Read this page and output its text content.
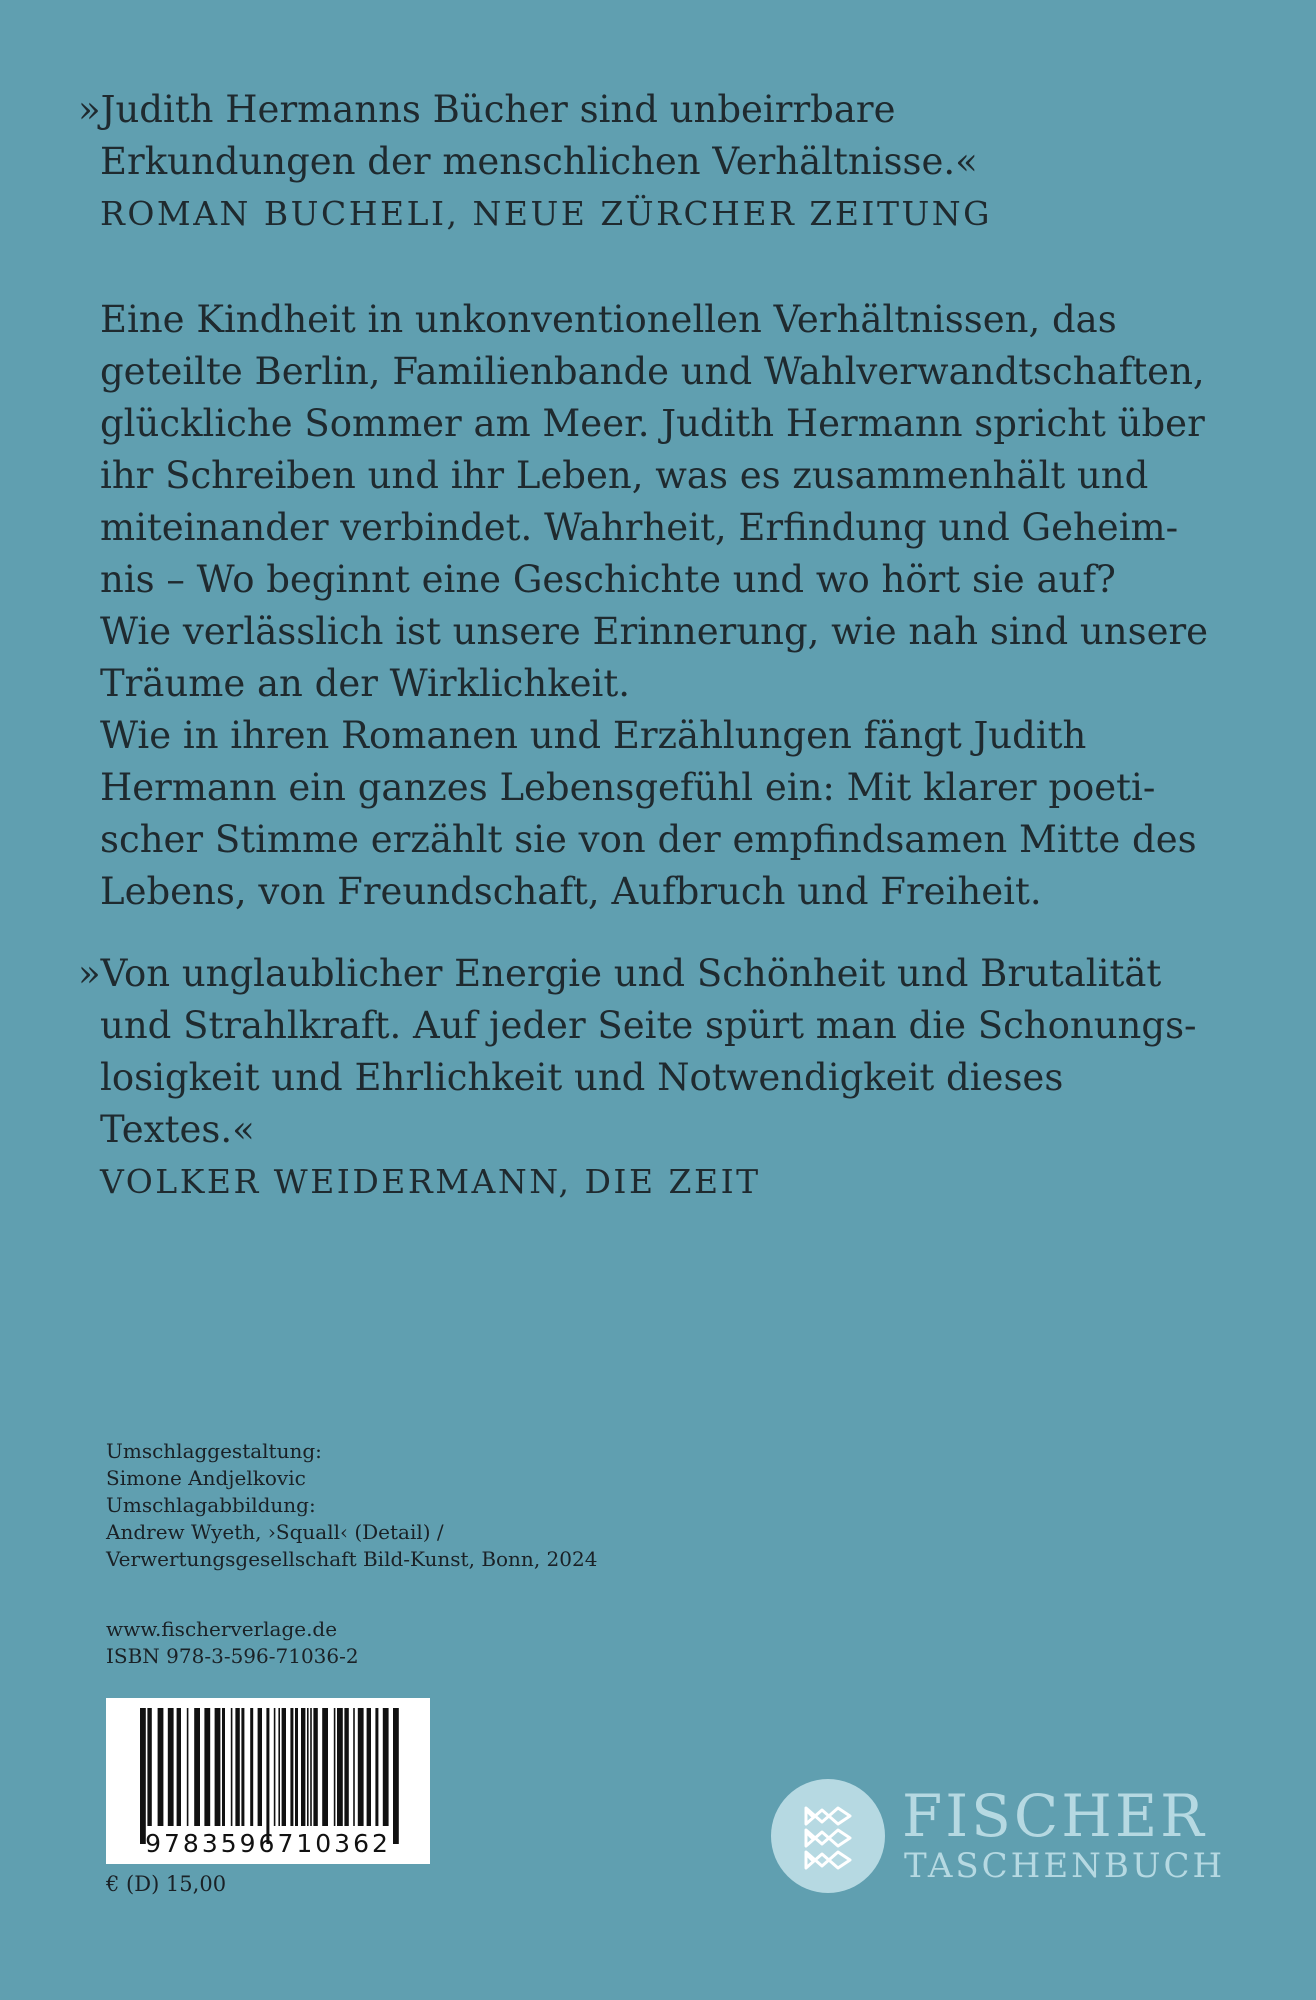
»Judith Hermanns Bücher sind unbeirrbare

Erkundungen der menschlichen Verhältnisse.«

ROMAN BUCHELI, NEUE ZÜRCHER ZEITUNG

Eine Kindheit in unkonventionellen Verhältnissen, das

geteilte Berlin, Familienbande und Wahlverwandtschaften,

glückliche Sommer am Meer. Judith Hermann spricht über

ihr Schreiben und ihr Leben, was es zusammenhält und

miteinander verbindet. Wahrheit, Erfindung und Geheim-

nis – Wo beginnt eine Geschichte und wo hört sie auf?

Wie verlässlich ist unsere Erinnerung, wie nah sind unsere

Träume an der Wirklichkeit.

Wie in ihren Romanen und Erzählungen fängt Judith

Hermann ein ganzes Lebensgefühl ein: Mit klarer poeti-

scher Stimme erzählt sie von der empfindsamen Mitte des

Lebens, von Freundschaft, Aufbruch und Freiheit.

»Von unglaublicher Energie und Schönheit und Brutalität

und Strahlkraft. Auf jeder Seite spürt man die Schonungs-

losigkeit und Ehrlichkeit und Notwendigkeit dieses Textes.«

VOLKER WEIDERMANN, DIE ZEIT

Umschlaggestaltung:

Simone Andjelkovic

Umschlagabbildung:

Andrew Wyeth, ›Squall‹ (Detail) /

Verwertungsgesellschaft Bild-Kunst, Bonn, 2024

www.fischerverlage.de

ISBN 978-3-596-71036-2

9783596710362
€ (D) 15,00
FISCHER
TASCHENBUCH
